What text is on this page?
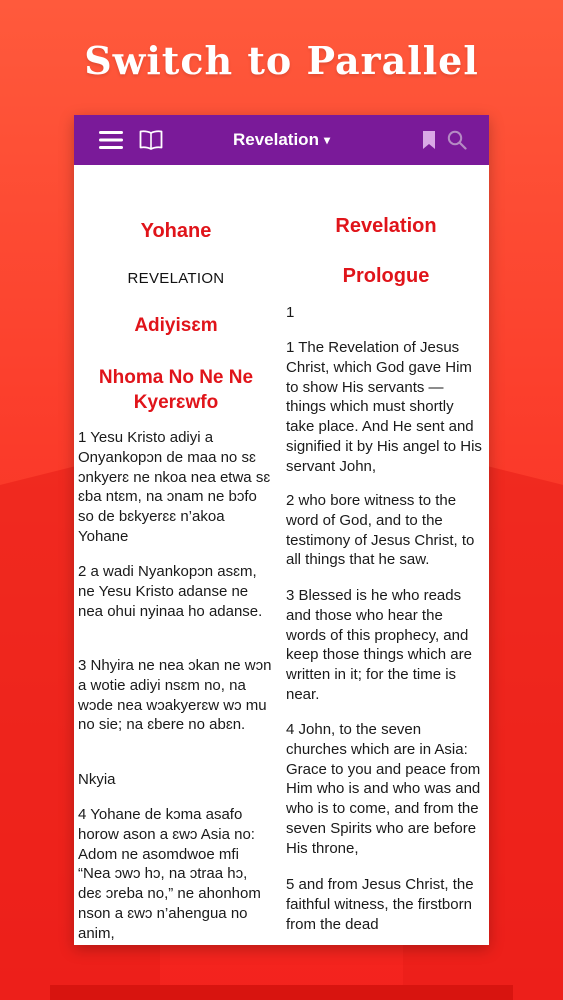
Switch to Parallel
Revelation ▾
Yohane
REVELATION
Adiyisɛm
Nhoma No Ne Ne Kyerɛwfo
1 Yesu Kristo adiyi a Onyankopɔn de maa no sɛ ɔnkyerɛ ne nkoa nea etwa sɛ ɛba ntɛm, na ɔnam ne bɔfo so de bɛkyerɛɛ n’akoa Yohane
2 a wadi Nyankopɔn asɛm, ne Yesu Kristo adanse ne nea ohui nyinaa ho adanse.
3 Nhyira ne nea ɔkan ne wɔn a wotie adiyi nsɛm no, na wɔde nea wɔakyerɛw wɔ mu no sie; na ɛbere no abɛn.
Nkyia
4 Yohane de kɔma asafo horow ason a ɛwɔ Asia no: Adom ne asomdwoe mfi “Nea ɔwɔ hɔ, na ɔtraa hɔ, deɛ ɔreba no,” ne ahonhom nson a ɛwɔ n’ahengua no anim,
Revelation
Prologue
1
1 The Revelation of Jesus Christ, which God gave Him to show His servants — things which must shortly take place. And He sent and signified it by His angel to His servant John,
2 who bore witness to the word of God, and to the testimony of Jesus Christ, to all things that he saw.
3 Blessed is he who reads and those who hear the words of this prophecy, and keep those things which are written in it; for the time is near.
4 John, to the seven churches which are in Asia: Grace to you and peace from Him who is and who was and who is to come, and from the seven Spirits who are before His throne,
5 and from Jesus Christ, the faithful witness, the firstborn from the dead
